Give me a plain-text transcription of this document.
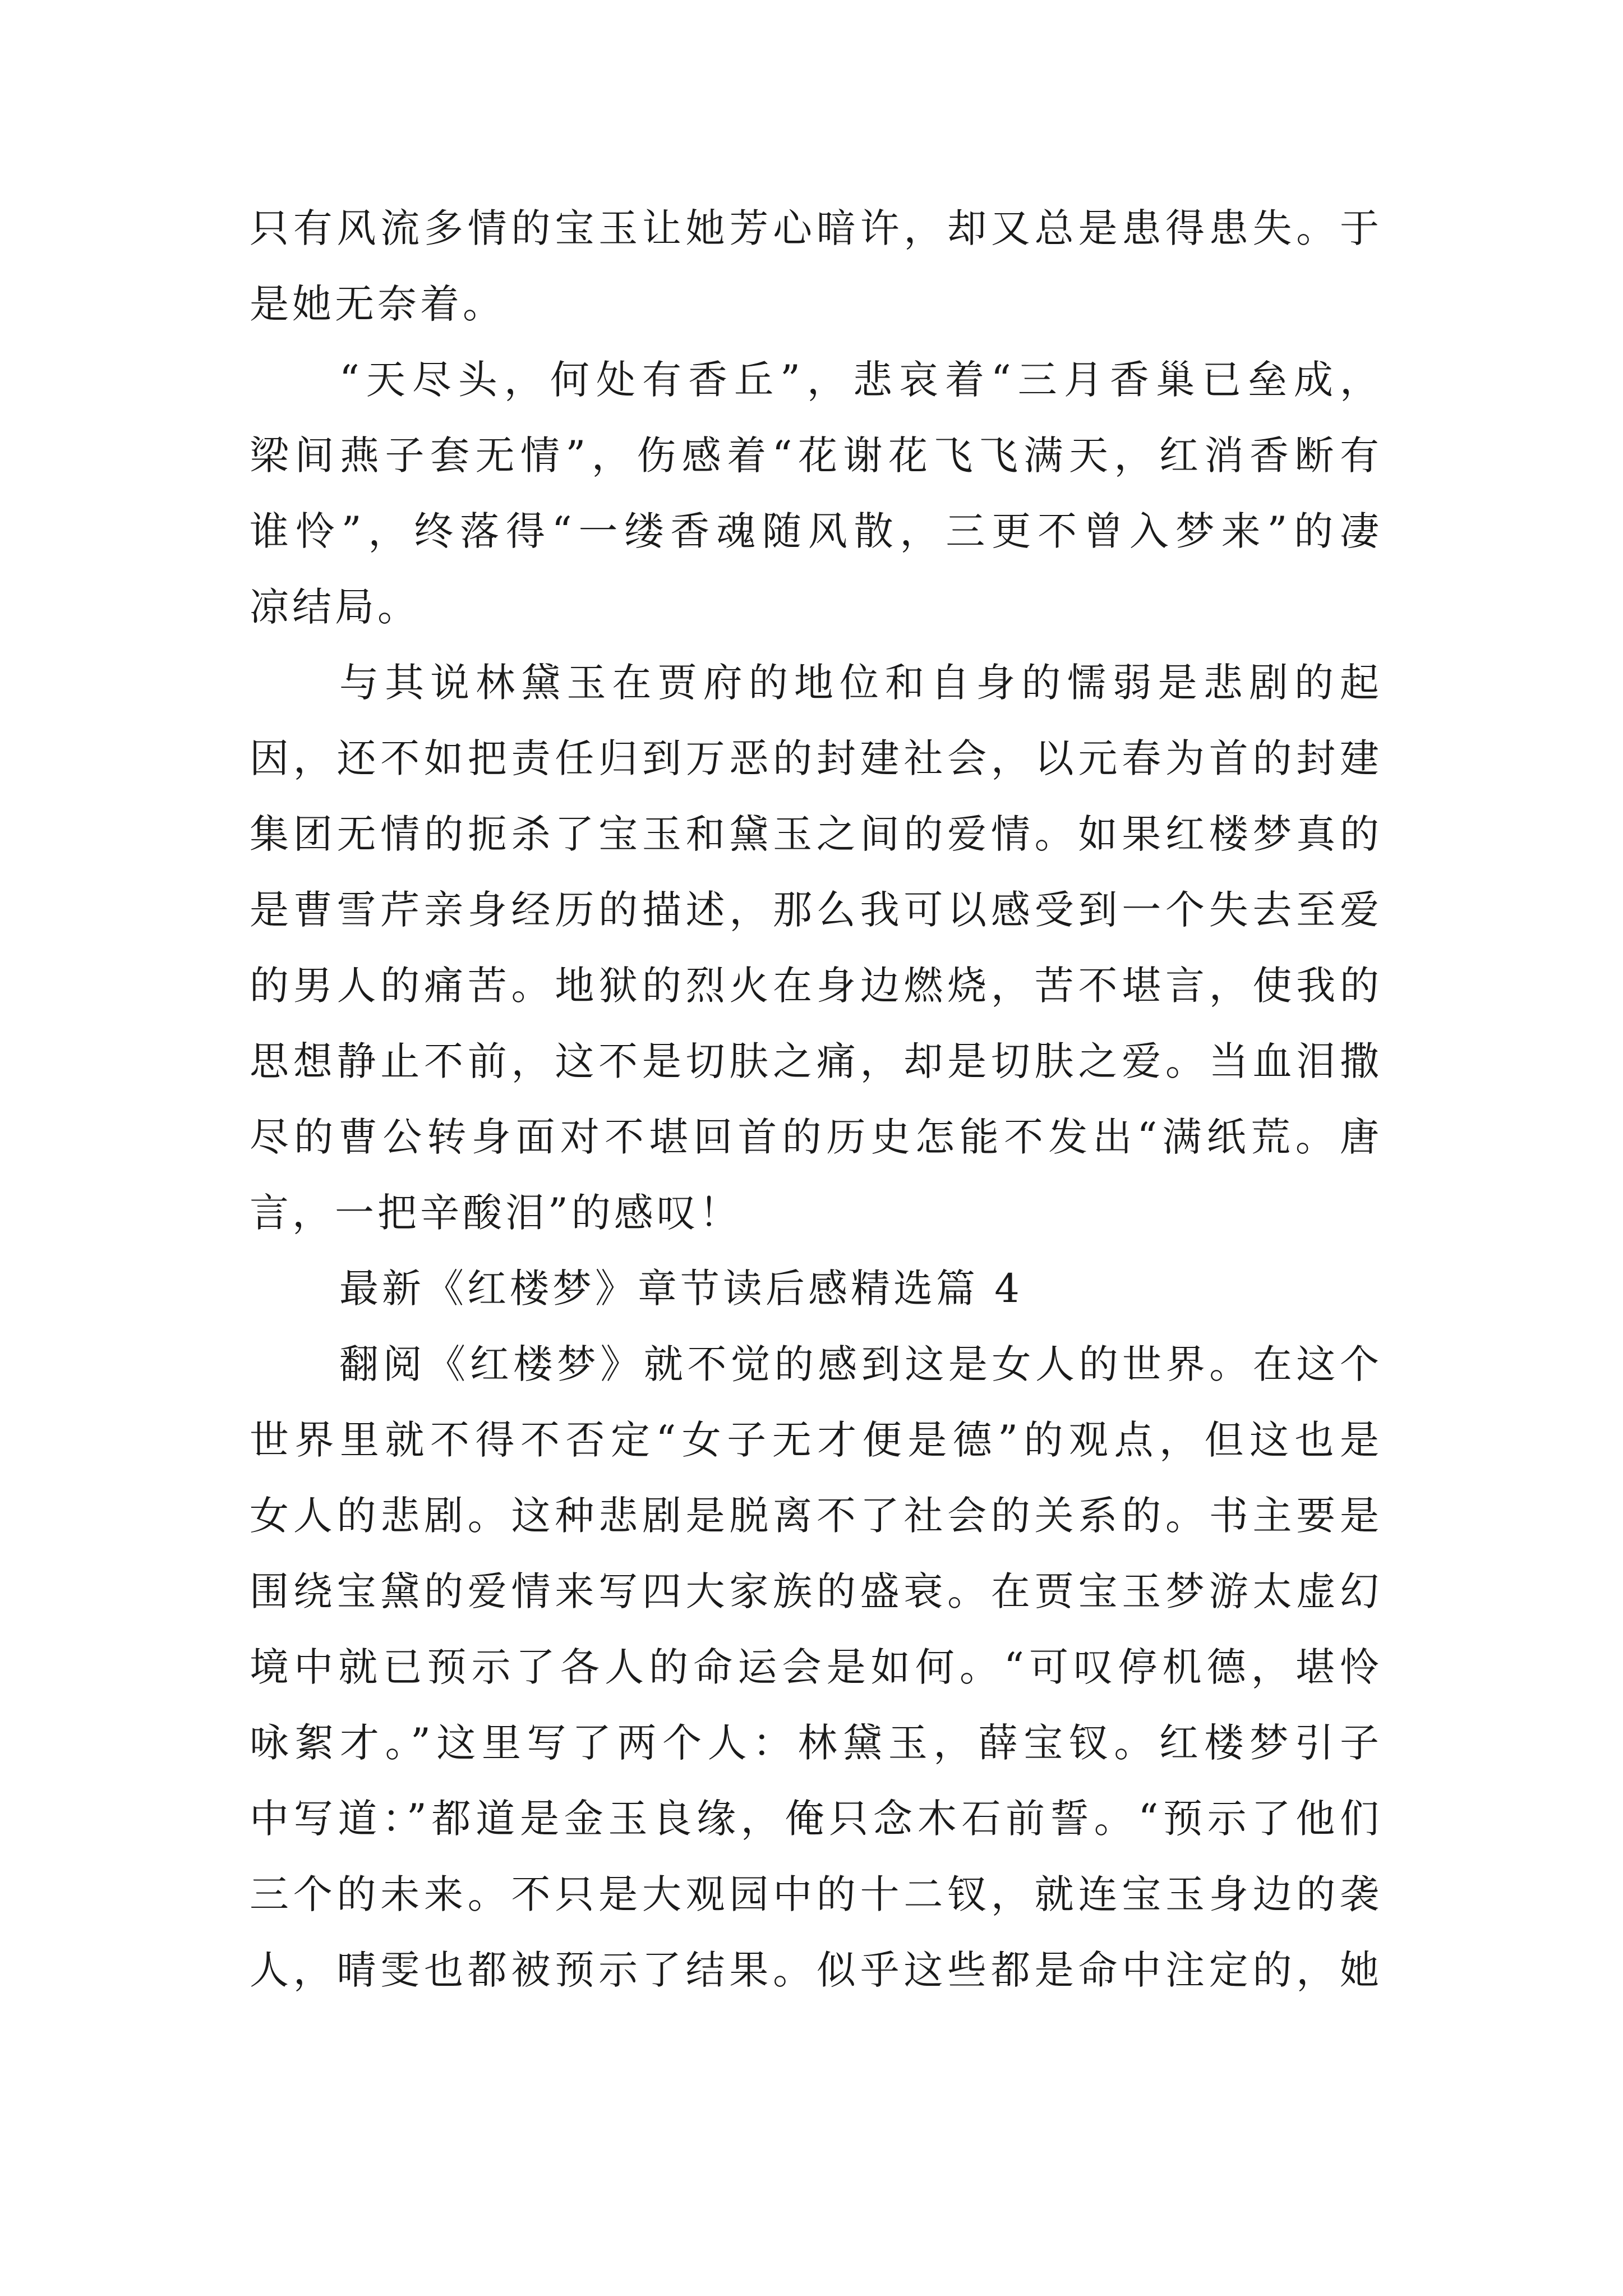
只有风流多情的宝玉让她芳心暗许，却又总是患得患失。于
是她无奈着。
“天尽头，何处有香丘”，悲哀着“三月香巢已垒成，
梁间燕子套无情”，伤感着“花谢花飞飞满天，红消香断有
谁怜”，终落得“一缕香魂随风散，三更不曾入梦来”的凄
凉结局。
与其说林黛玉在贾府的地位和自身的懦弱是悲剧的起
因，还不如把责任归到万恶的封建社会，以元春为首的封建
集团无情的扼杀了宝玉和黛玉之间的爱情。如果红楼梦真的
是曹雪芹亲身经历的描述，那么我可以感受到一个失去至爱
的男人的痛苦。地狱的烈火在身边燃烧，苦不堪言，使我的
思想静止不前，这不是切肤之痛，却是切肤之爱。当血泪撒
尽的曹公转身面对不堪回首的历史怎能不发出“满纸荒。唐
言，一把辛酸泪”的感叹！
最新《红楼梦》章节读后感精选篇 4
翻阅《红楼梦》就不觉的感到这是女人的世界。在这个
世界里就不得不否定“女子无才便是德”的观点，但这也是
女人的悲剧。这种悲剧是脱离不了社会的关系的。书主要是
围绕宝黛的爱情来写四大家族的盛衰。在贾宝玉梦游太虚幻
境中就已预示了各人的命运会是如何。“可叹停机德，堪怜
咏絮才。”这里写了两个人：林黛玉，薛宝钗。红楼梦引子
中写道：”都道是金玉良缘，俺只念木石前誓。“预示了他们
三个的未来。不只是大观园中的十二钗，就连宝玉身边的袭
人，晴雯也都被预示了结果。似乎这些都是命中注定的，她
